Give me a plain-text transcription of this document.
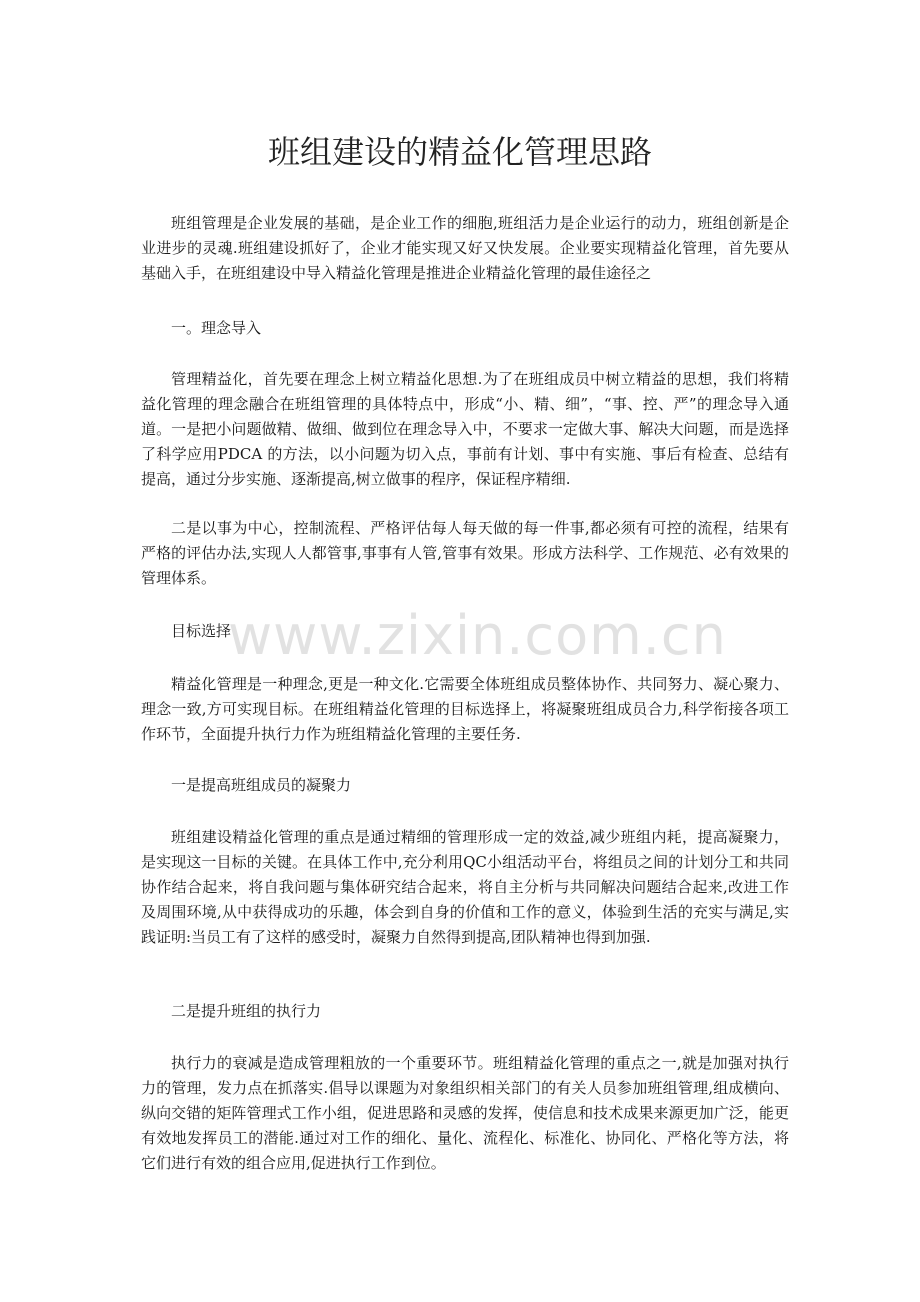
班组建设的精益化管理思路

班组管理是企业发展的基础，是企业工作的细胞,班组活力是企业运行的动力，班组创新是企业进步的灵魂.班组建设抓好了，企业才能实现又好又快发展。企业要实现精益化管理，首先要从基础入手，在班组建设中导入精益化管理是推进企业精益化管理的最佳途径之

一。理念导入

管理精益化，首先要在理念上树立精益化思想.为了在班组成员中树立精益的思想，我们将精益化管理的理念融合在班组管理的具体特点中，形成“小、精、细”，“事、控、严”的理念导入通道。一是把小问题做精、做细、做到位在理念导入中，不要求一定做大事、解决大问题，而是选择了科学应用PDCA 的方法，以小问题为切入点，事前有计划、事中有实施、事后有检查、总结有提高，通过分步实施、逐渐提高,树立做事的程序，保证程序精细.

二是以事为中心，控制流程、严格评估每人每天做的每一件事,都必须有可控的流程，结果有严格的评估办法,实现人人都管事,事事有人管,管事有效果。形成方法科学、工作规范、必有效果的管理体系。

目标选择

精益化管理是一种理念,更是一种文化.它需要全体班组成员整体协作、共同努力、凝心聚力、理念一致,方可实现目标。在班组精益化管理的目标选择上，将凝聚班组成员合力,科学衔接各项工作环节，全面提升执行力作为班组精益化管理的主要任务.

一是提高班组成员的凝聚力

班组建设精益化管理的重点是通过精细的管理形成一定的效益,减少班组内耗，提高凝聚力，是实现这一目标的关键。在具体工作中,充分利用QC小组活动平台，将组员之间的计划分工和共同协作结合起来，将自我问题与集体研究结合起来，将自主分析与共同解决问题结合起来,改进工作及周围环境,从中获得成功的乐趣，体会到自身的价值和工作的意义，体验到生活的充实与满足,实践证明:当员工有了这样的感受时，凝聚力自然得到提高,团队精神也得到加强.

二是提升班组的执行力

执行力的衰减是造成管理粗放的一个重要环节。班组精益化管理的重点之一,就是加强对执行力的管理，发力点在抓落实.倡导以课题为对象组织相关部门的有关人员参加班组管理,组成横向、纵向交错的矩阵管理式工作小组，促进思路和灵感的发挥，使信息和技术成果来源更加广泛，能更有效地发挥员工的潜能.通过对工作的细化、量化、流程化、标准化、协同化、严格化等方法，将它们进行有效的组合应用,促进执行工作到位。

www.zixin.com.cn
